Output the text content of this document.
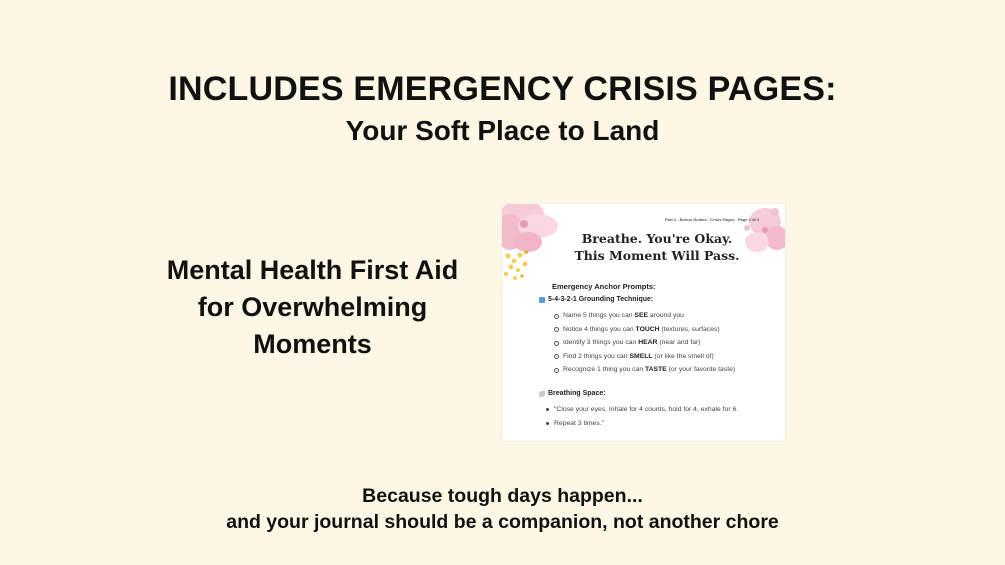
INCLUDES EMERGENCY CRISIS PAGES:
Your Soft Place to Land
Mental Health First Aid
for Overwhelming
Moments
Part 2 - Bonus Guides - Crisis Pages - Page 2 of 4
Breathe. You're Okay.
This Moment Will Pass.
Emergency Anchor Prompts:
5-4-3-2-1 Grounding Technique:
Name 5 things you can SEE around you
Notice 4 things you can TOUCH (textures, surfaces)
Identify 3 things you can HEAR (near and far)
Find 2 things you can SMELL (or like the smell of)
Recognize 1 thing you can TASTE (or your favorite taste)
Breathing Space:
"Close your eyes. Inhale for 4 counts, hold for 4, exhale for 6.
Repeat 3 times."
Because tough days happen...
and your journal should be a companion, not another chore
